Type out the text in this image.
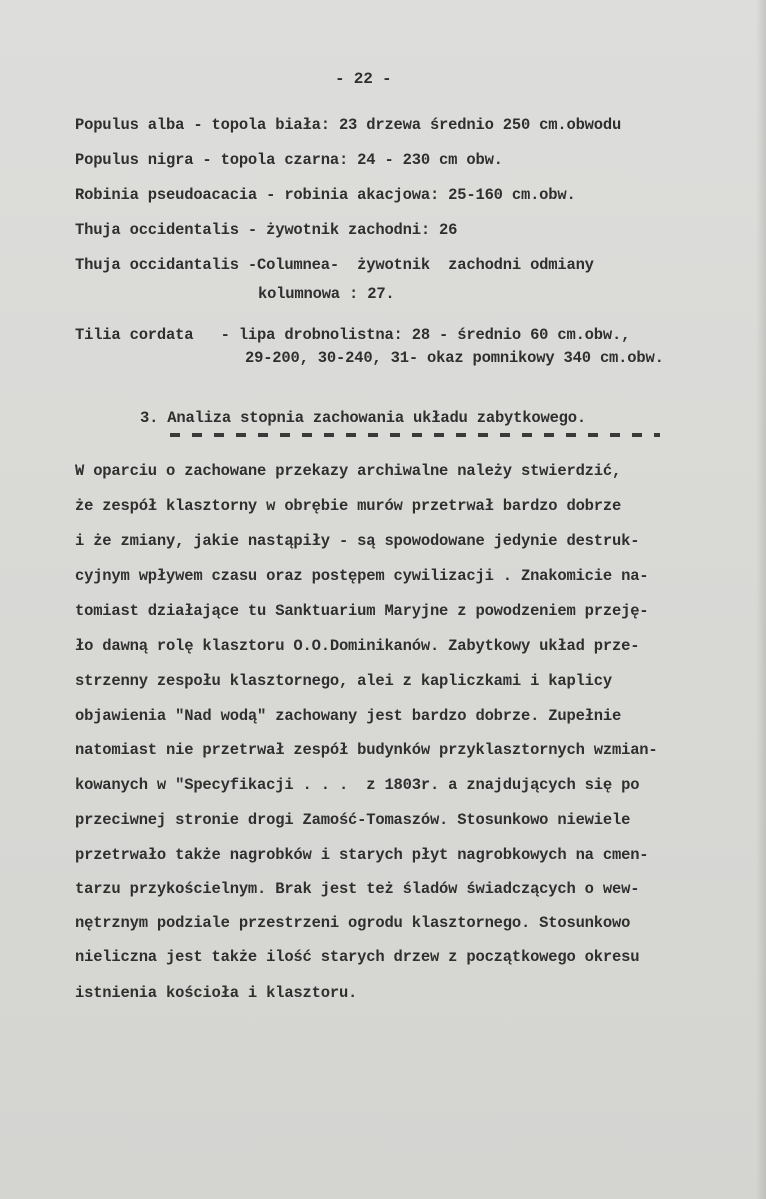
- 22 -
Populus alba - topola biała: 23 drzewa średnio 250 cm.obwodu
Populus nigra - topola czarna: 24 - 230 cm obw.
Robinia pseudoacacia - robinia akacjowa: 25-160 cm.obw.
Thuja occidentalis - żywotnik zachodni: 26
Thuja occidantalis -Columnea-  żywotnik  zachodni odmiany
kolumnowa : 27.
Tilia cordata   - lipa drobnolistna: 28 - średnio 60 cm.obw.,
29-200, 30-240, 31- okaz pomnikowy 340 cm.obw.
3. Analiza stopnia zachowania układu zabytkowego.
W oparciu o zachowane przekazy archiwalne należy stwierdzić,
że zespół klasztorny w obrębie murów przetrwał bardzo dobrze
i że zmiany, jakie nastąpiły - są spowodowane jedynie destruk-
cyjnym wpływem czasu oraz postępem cywilizacji . Znakomicie na-
tomiast działające tu Sanktuarium Maryjne z powodzeniem przeję-
ło dawną rolę klasztoru O.O.Dominikanów. Zabytkowy układ prze-
strzenny zespołu klasztornego, alei z kapliczkami i kaplicy
objawienia "Nad wodą" zachowany jest bardzo dobrze. Zupełnie
natomiast nie przetrwał zespół budynków przyklasztornych wzmian-
kowanych w "Specyfikacji . . .  z 1803r. a znajdujących się po
przeciwnej stronie drogi Zamość-Tomaszów. Stosunkowo niewiele
przetrwało także nagrobków i starych płyt nagrobkowych na cmen-
tarzu przykościelnym. Brak jest też śladów świadczących o wew-
nętrznym podziale przestrzeni ogrodu klasztornego. Stosunkowo
nieliczna jest także ilość starych drzew z początkowego okresu
istnienia kościoła i klasztoru.
